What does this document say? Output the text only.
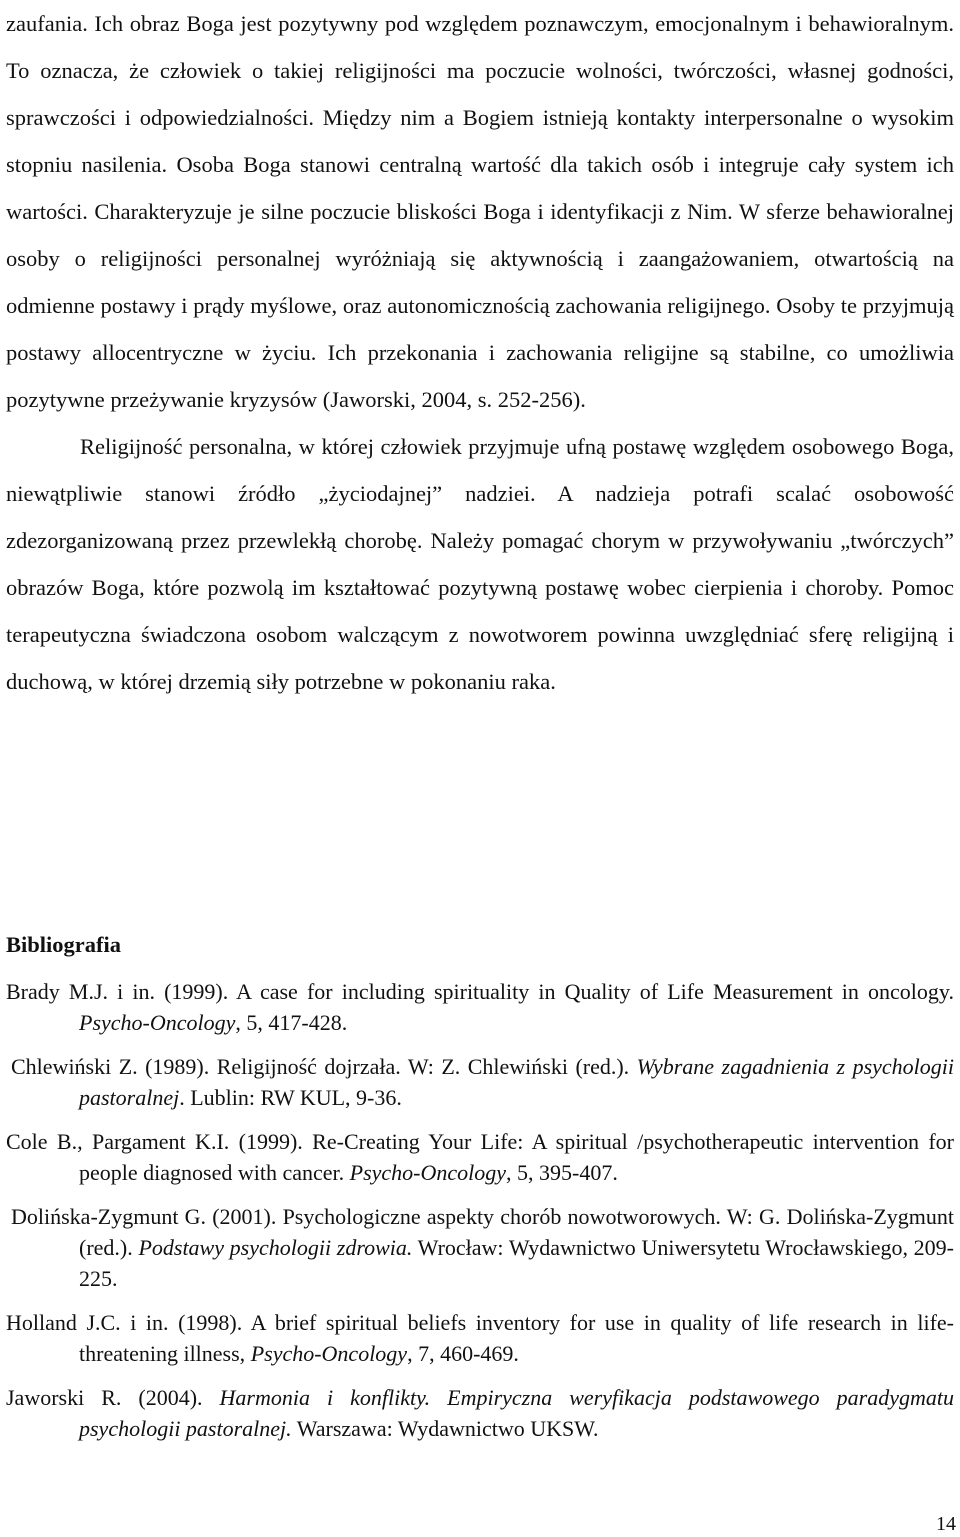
zaufania. Ich obraz Boga jest pozytywny pod względem poznawczym, emocjonalnym i behawioralnym. To oznacza, że człowiek o takiej religijności ma poczucie wolności, twórczości, własnej godności, sprawczości i odpowiedzialności. Między nim a Bogiem istnieją kontakty interpersonalne o wysokim stopniu nasilenia. Osoba Boga stanowi centralną wartość dla takich osób i integruje cały system ich wartości. Charakteryzuje je silne poczucie bliskości Boga i identyfikacji z Nim. W sferze behawioralnej osoby o religijności personalnej wyróżniają się aktywnością i zaangażowaniem, otwartością na odmienne postawy i prądy myślowe, oraz autonomicznością zachowania religijnego. Osoby te przyjmują postawy allocentryczne w życiu. Ich przekonania i zachowania religijne są stabilne, co umożliwia pozytywne przeżywanie kryzysów (Jaworski, 2004, s. 252-256).

Religijność personalna, w której człowiek przyjmuje ufną postawę względem osobowego Boga, niewątpliwie stanowi źródło „życiodajnej” nadziei. A nadzieja potrafi scalać osobowość zdezorganizowaną przez przewlekłą chorobę. Należy pomagać chorym w przywoływaniu „twórczych” obrazów Boga, które pozwolą im kształtować pozytywną postawę wobec cierpienia i choroby. Pomoc terapeutyczna świadczona osobom walczącym z nowotworem powinna uwzględniać sferę religijną i duchową, w której drzemią siły potrzebne w pokonaniu raka.

Bibliografia
Brady M.J. i in. (1999). A case for including spirituality in Quality of Life Measurement in oncology. Psycho-Oncology, 5, 417-428.
Chlewiński Z. (1989). Religijność dojrzała. W: Z. Chlewiński (red.). Wybrane zagadnienia z psychologii pastoralnej. Lublin: RW KUL, 9-36.
Cole B., Pargament K.I. (1999). Re-Creating Your Life: A spiritual /psychotherapeutic intervention for people diagnosed with cancer. Psycho-Oncology, 5, 395-407.
Dolińska-Zygmunt G. (2001). Psychologiczne aspekty chorób nowotworowych. W: G. Dolińska-Zygmunt (red.). Podstawy psychologii zdrowia. Wrocław: Wydawnictwo Uniwersytetu Wrocławskiego, 209-225.
Holland J.C. i in. (1998). A brief spiritual beliefs inventory for use in quality of life research in life-threatening illness, Psycho-Oncology, 7, 460-469.
Jaworski R. (2004). Harmonia i konflikty. Empiryczna weryfikacja podstawowego paradygmatu psychologii pastoralnej. Warszawa: Wydawnictwo UKSW.

14
